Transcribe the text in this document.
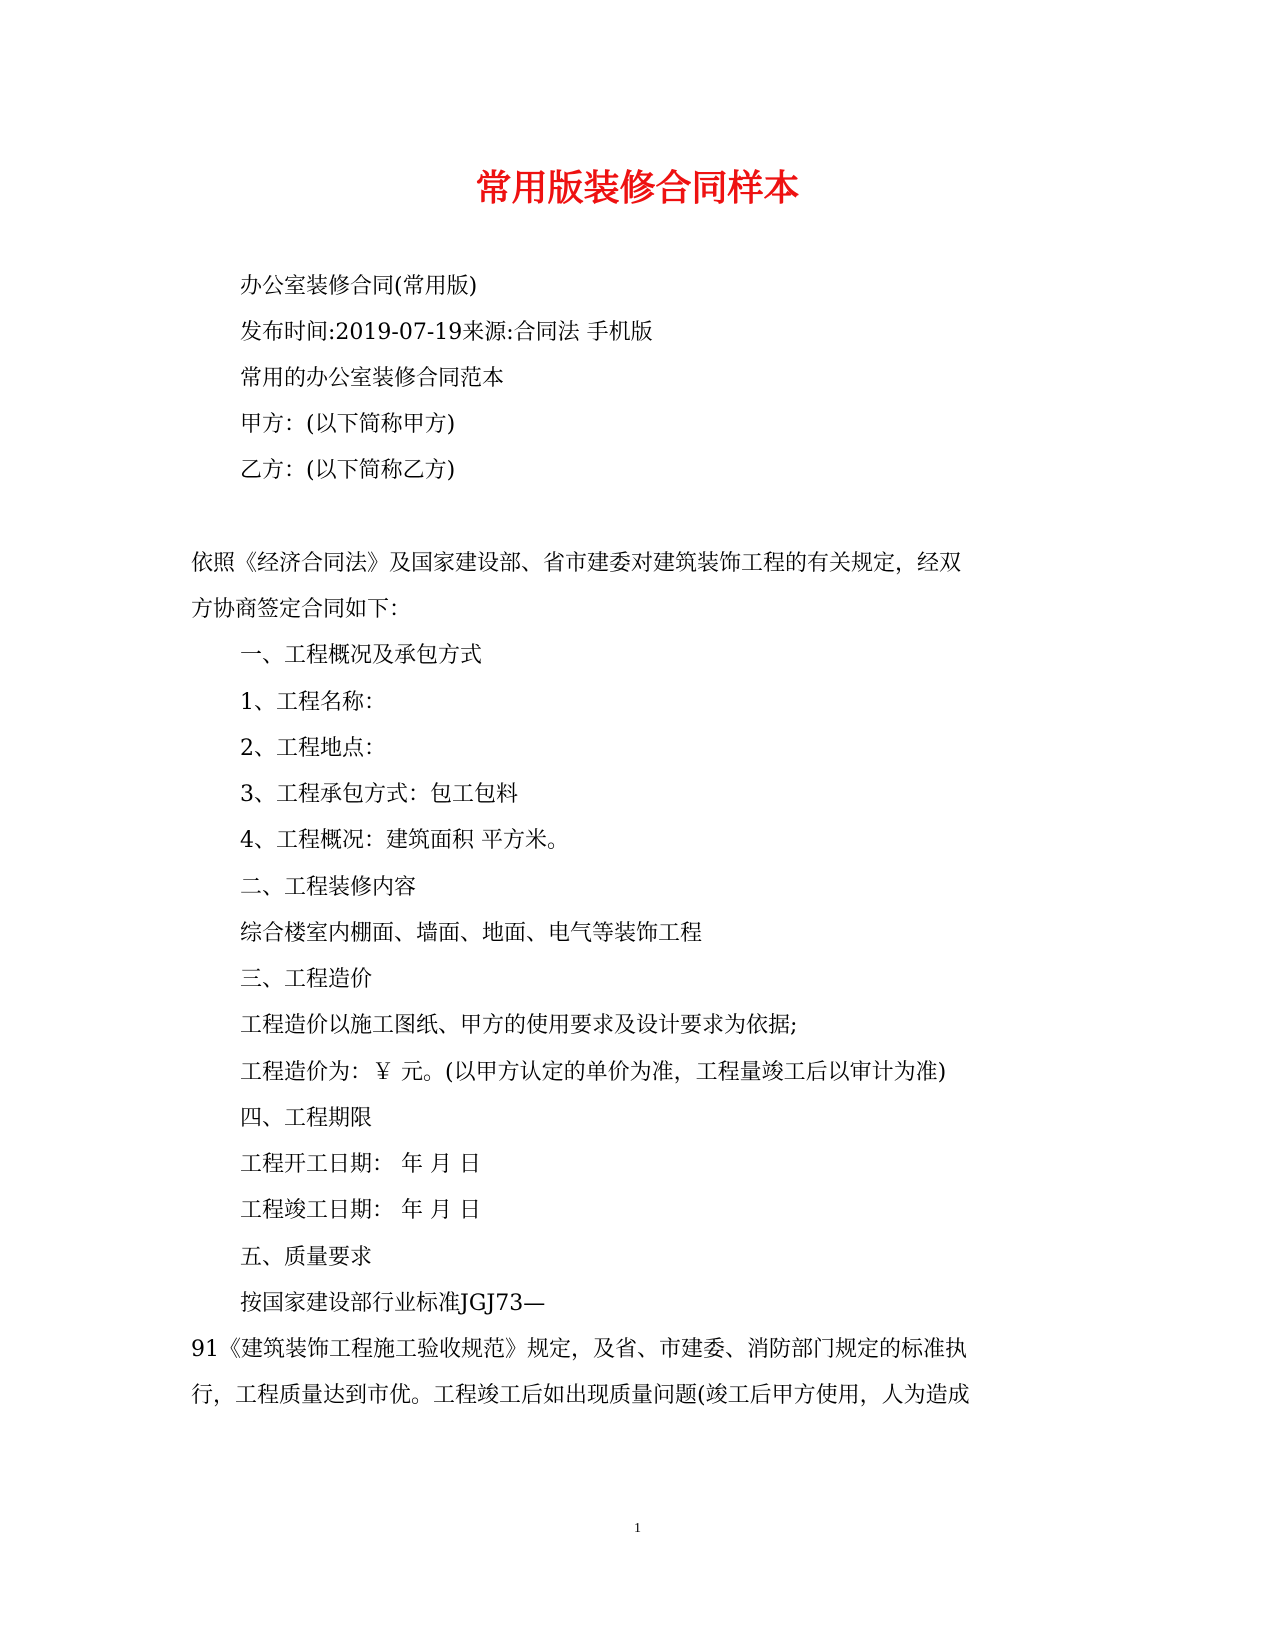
常用版装修合同样本
办公室装修合同(常用版)
发布时间:2019-07-19来源:合同法 手机版
常用的办公室装修合同范本
甲方：(以下简称甲方)
乙方：(以下简称乙方)
依照《经济合同法》及国家建设部、省市建委对建筑装饰工程的有关规定，经双
方协商签定合同如下：
一、工程概况及承包方式
1、工程名称：
2、工程地点：
3、工程承包方式：包工包料
4、工程概况：建筑面积 平方米。
二、工程装修内容
综合楼室内棚面、墙面、地面、电气等装饰工程
三、工程造价
工程造价以施工图纸、甲方的使用要求及设计要求为依据;
工程造价为：￥ 元。(以甲方认定的单价为准，工程量竣工后以审计为准)
四、工程期限
工程开工日期： 年 月 日
工程竣工日期： 年 月 日
五、质量要求
按国家建设部行业标准JGJ73—
91《建筑装饰工程施工验收规范》规定，及省、市建委、消防部门规定的标准执
行，工程质量达到市优。工程竣工后如出现质量问题(竣工后甲方使用，人为造成
1
